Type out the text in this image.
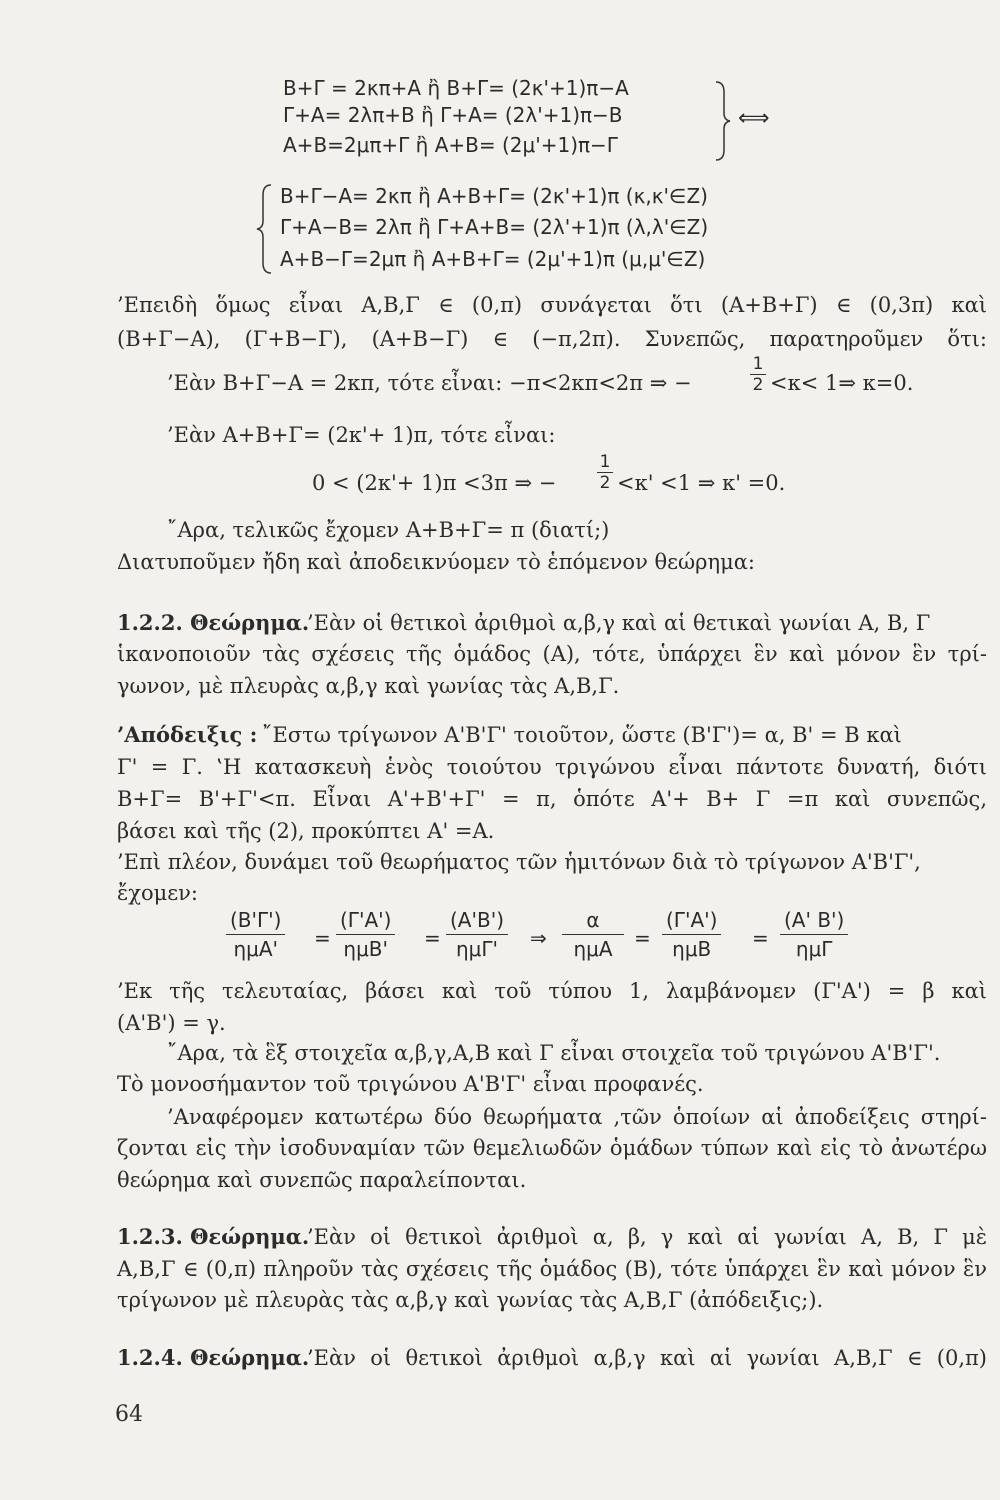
B+Γ = 2κπ+A ἢ B+Γ= (2κ'+1)π−A
Γ+A= 2λπ+B ἢ Γ+A= (2λ'+1)π−B
A+B=2μπ+Γ ἢ A+B= (2μ'+1)π−Γ
⟺
B+Γ−A= 2κπ ἢ A+B+Γ= (2κ'+1)π (κ,κ'∈Z)
Γ+A−B= 2λπ ἢ Γ+A+B= (2λ'+1)π (λ,λ'∈Z)
A+B−Γ=2μπ ἢ A+B+Γ= (2μ'+1)π (μ,μ'∈Z)
’Επειδὴ ὅμως εἶναι A,B,Γ ∈ (0,π) συνάγεται ὅτι (A+B+Γ) ∈ (0,3π) καὶ
(B+Γ−A), (Γ+B−Γ), (A+B−Γ) ∈ (−π,2π). Συνεπῶς, παρατηροῦμεν ὅτι:
’Εὰν B+Γ−A = 2κπ, τότε εἶναι: −π<2κπ<2π ⇒ −	$\frac{1}{2} <\kappa<$ 1⇒ κ=0.
’Εὰν A+B+Γ= (2κ'+ 1)π, τότε εἶναι:
0 < (2κ'+ 1)π <3π ⇒ − $\frac{1}{2} <\kappa' <1$ ⇒ κ' =0.
῎Αρα, τελικῶς ἔχομεν A+B+Γ= π (διατί;)
Διατυποῦμεν ἤδη καὶ ἀποδεικνύομεν τὸ ἑπόμενον θεώρημα:
1.2.2. Θεώρημα.
’Εὰν οἱ θετικοὶ ἀριθμοὶ α,β,γ καὶ αἱ θετικαὶ γωνίαι A, B, Γ
ἱκανοποιοῦν τὰς σχέσεις τῆς ὁμάδος (A), τότε, ὑπάρχει ἓν καὶ μόνον ἓν τρί-
γωνον, μὲ πλευρὰς α,β,γ καὶ γωνίας τὰς A,B,Γ.
’Απόδειξις : ῎Εστω τρίγωνον A'B'Γ' τοιοῦτον, ὥστε (B'Γ')= α, B' = B καὶ
Γ' = Γ. ‛Η κατασκευὴ ἑνὸς τοιούτου τριγώνου εἶναι πάντοτε δυνατή, διότι
B+Γ= B'+Γ'<π. Εἶναι A'+B'+Γ' = π, ὁπότε A'+ B+ Γ =π καὶ συνεπῶς,
βάσει καὶ τῆς (2), προκύπτει A' =A.
’Επὶ πλέον, δυνάμει τοῦ θεωρήματος τῶν ἡμιτόνων διὰ τὸ τρίγωνον A'B'Γ',
ἔχομεν:
(B'Γ')
ημA'	=
(Γ'A')
ημB'	=
(A'B')
ημΓ'	⇒
α
ημA	=
(Γ'A')
ημB	=
(A' B')
ημΓ
’Εκ τῆς τελευταίας, βάσει καὶ τοῦ τύπου 1, λαμβάνομεν (Γ'A') = β καὶ
(A'B') = γ.
῎Αρα, τὰ ἓξ στοιχεῖα α,β,γ,A,B καὶ Γ εἶναι στοιχεῖα τοῦ τριγώνου A'B'Γ'.
Τὸ μονοσήμαντον τοῦ τριγώνου A'B'Γ' εἶναι προφανές.
’Αναφέρομεν κατωτέρω δύο θεωρήματα ,τῶν ὁποίων αἱ ἀποδείξεις στηρί-
ζονται εἰς τὴν ἰσοδυναμίαν τῶν θεμελιωδῶν ὁμάδων τύπων καὶ εἰς τὸ ἀνωτέρω
θεώρημα καὶ συνεπῶς παραλείπονται.
1.2.3. Θεώρημα.
’Εὰν οἱ θετικοὶ ἀριθμοὶ α, β, γ καὶ αἱ γωνίαι A, B, Γ μὲ
A,B,Γ ∈ (0,π) πληροῦν τὰς σχέσεις τῆς ὁμάδος (B), τότε ὑπάρχει ἓν καὶ μόνον ἓν
τρίγωνον μὲ πλευρὰς τὰς α,β,γ καὶ γωνίας τὰς A,B,Γ (ἀπόδειξις;).
1.2.4. Θεώρημα.
’Εὰν οἱ θετικοὶ ἀριθμοὶ α,β,γ καὶ αἱ γωνίαι A,B,Γ ∈ (0,π)
64
